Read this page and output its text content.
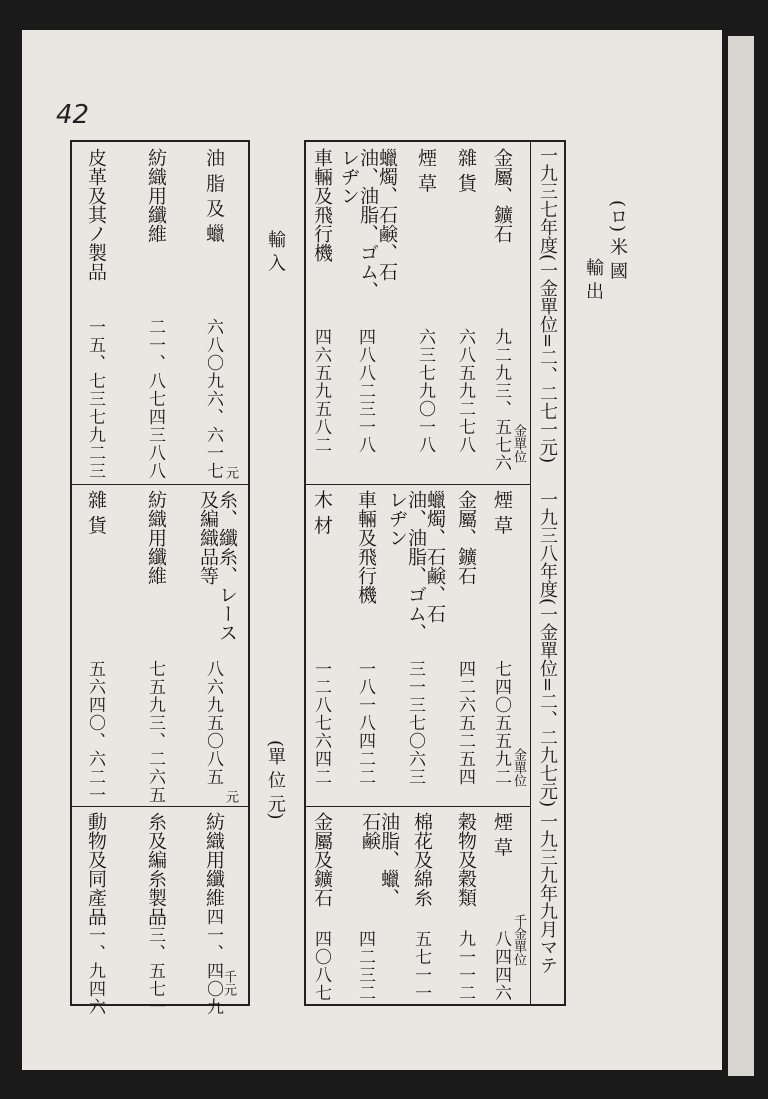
42
(ロ) 米 國
輸 出
一九三七年度(一金單位=二、二七一元)
一九三八年度(一金單位=二、二九七元)
一九三九年九月マテ
金單位
金單位
千金單位
金屬、鑛石
九二九三、五七六
雜 貨
六八五九二七八
煙 草
六三七九〇一八
蠟燭、石鹸、石油、油脂、ゴム、レヂン
四八八二三一八
車輛及飛行機
四六五九五八二
煙 草
七四〇五五九二
金屬、鑛石
四二六五二五四
蠟燭、石鹸、石油、油脂、ゴム、レヂン
三一三七〇六三
車輛及飛行機
一八一八四二二
木 材
一二八七六四二
煙 草
八四四六
穀物及穀類
九一一二
棉花及綿糸
五七一一
油脂、蠟、石鹸
四二三二
金屬及鑛石
四〇八七
輸 入
(單 位 元)
元
元
千元
油 脂 及 蠟
六八〇九六、六一七
紡織用纖維
二一、八七四三八八
皮革及其ノ製品
一五、七三七九二三
糸、纖糸、レース及編織品等
八六九五〇八五
紡織用纖維
七五九三、二六五
雜 貨
五六四〇、六二一
紡織用纖維
四一、四〇九
糸及編糸製品
一三、五七一
動物及同產品
一一、九四六
